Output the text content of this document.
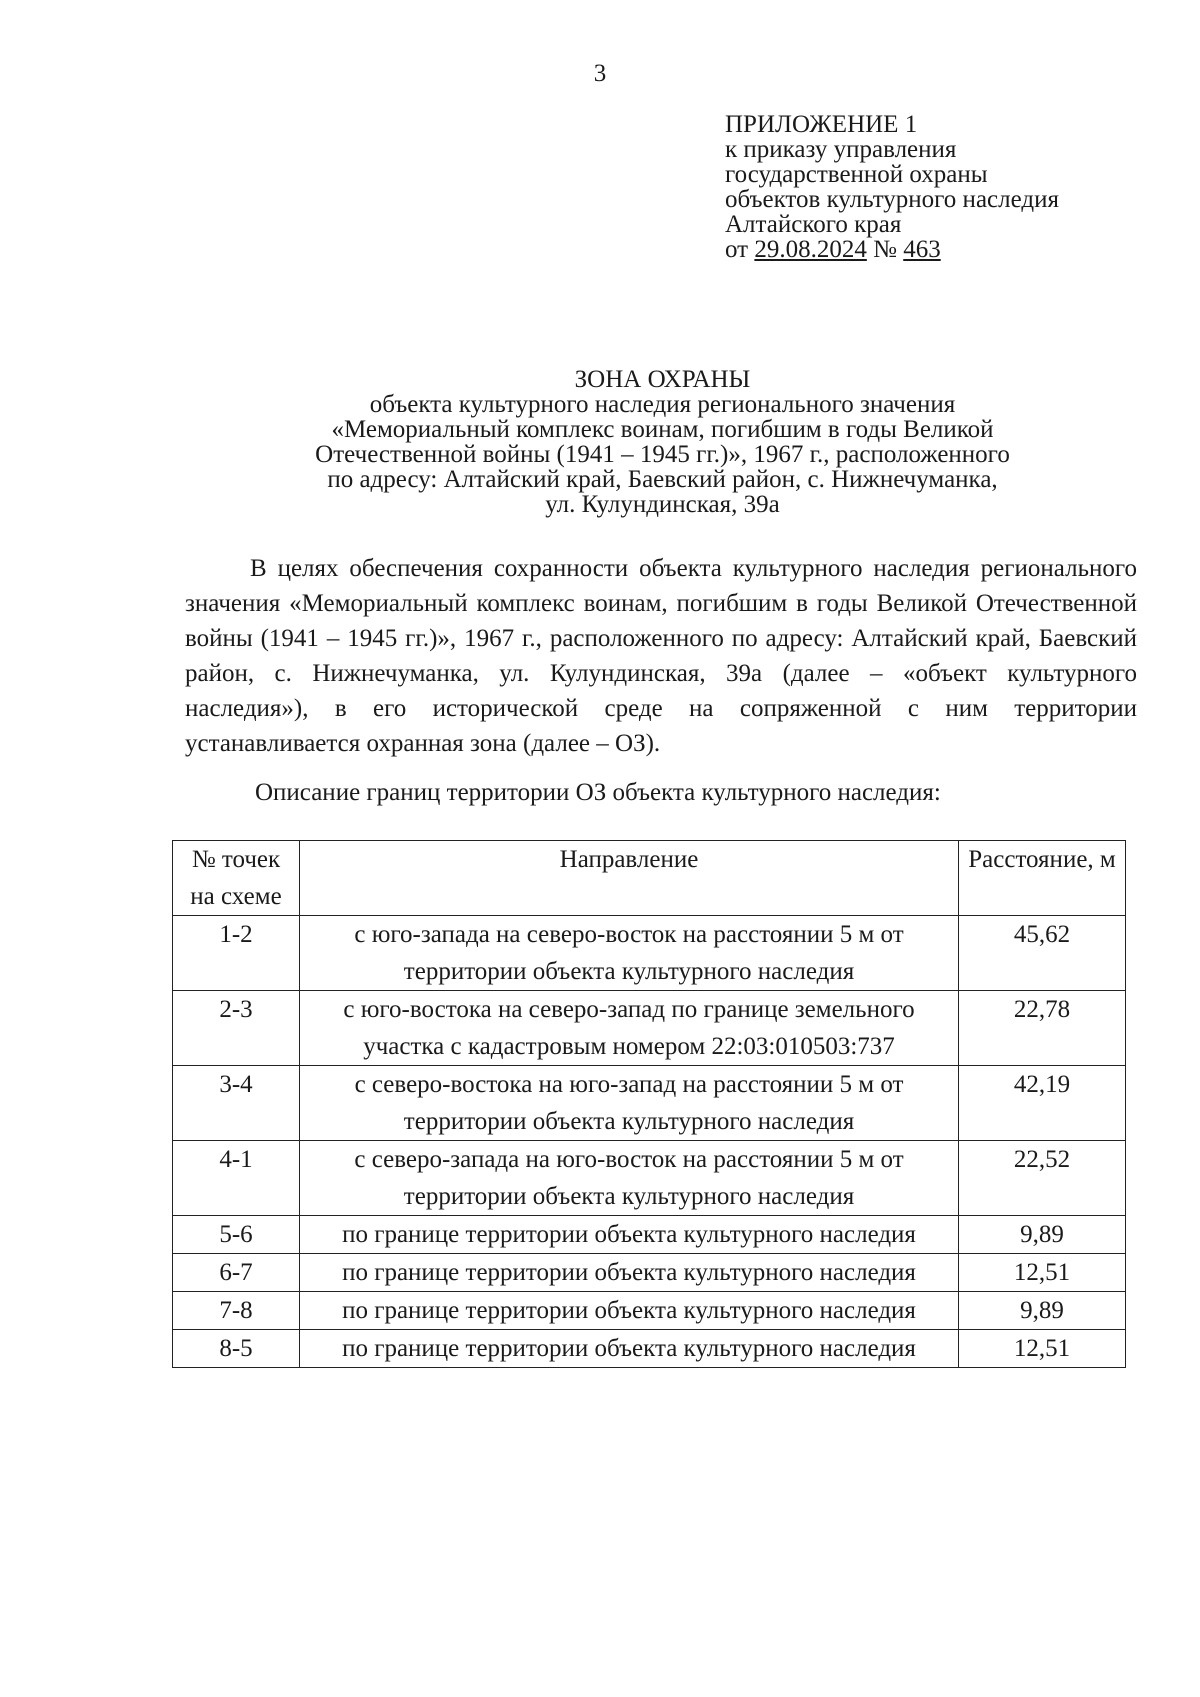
3
ПРИЛОЖЕНИЕ 1
к приказу управления
государственной охраны
объектов культурного наследия
Алтайского края
от 29.08.2024 № 463
ЗОНА ОХРАНЫ
объекта культурного наследия регионального значения
«Мемориальный комплекс воинам, погибшим в годы Великой
Отечественной войны (1941 – 1945 гг.)», 1967 г., расположенного
по адресу: Алтайский край, Баевский район, с. Нижнечуманка,
ул. Кулундинская, 39а

В целях обеспечения сохранности объекта культурного наследия регионального значения «Мемориальный комплекс воинам, погибшим в годы Великой Отечественной войны (1941 – 1945 гг.)», 1967 г., расположенного по адресу: Алтайский край, Баевский район, с. Нижнечуманка, ул. Кулундинская, 39а (далее – «объект культурного наследия»), в его исторической среде на сопряженной с ним территории устанавливается охранная зона (далее – ОЗ).

Описание границ территории ОЗ объекта культурного наследия:
№ точек на схеме	Направление	Расстояние, м
1-2	с юго-запада на северо-восток на расстоянии 5 м от территории объекта культурного наследия	45,62
2-3	с юго-востока на северо-запад по границе земельного участка с кадастровым номером 22:03:010503:737	22,78
3-4	с северо-востока на юго-запад на расстоянии 5 м от территории объекта культурного наследия	42,19
4-1	с северо-запада на юго-восток на расстоянии 5 м от территории объекта культурного наследия	22,52
5-6	по границе территории объекта культурного наследия	9,89
6-7	по границе территории объекта культурного наследия	12,51
7-8	по границе территории объекта культурного наследия	9,89
8-5	по границе территории объекта культурного наследия	12,51
